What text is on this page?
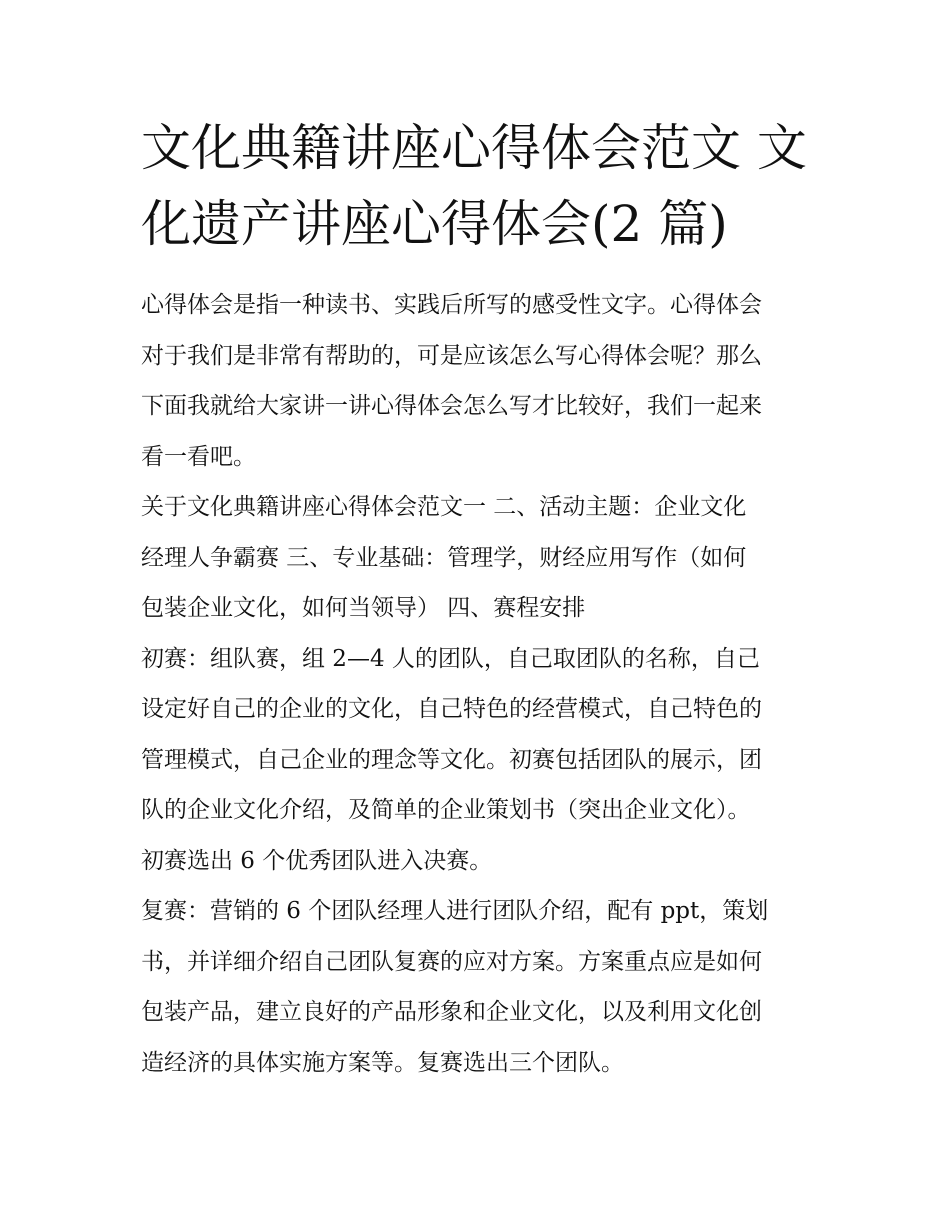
文化典籍讲座心得体会范文 文
化遗产讲座心得体会(2 篇)
心得体会是指一种读书、实践后所写的感受性文字。心得体会
对于我们是非常有帮助的，可是应该怎么写心得体会呢？那么
下面我就给大家讲一讲心得体会怎么写才比较好，我们一起来
看一看吧。
关于文化典籍讲座心得体会范文一 二、活动主题：企业文化
经理人争霸赛 三、专业基础：管理学，财经应用写作（如何
包装企业文化，如何当领导） 四、赛程安排
初赛：组队赛，组 2—4 人的团队，自己取团队的名称，自己
设定好自己的企业的文化，自己特色的经营模式，自己特色的
管理模式，自己企业的理念等文化。初赛包括团队的展示，团
队的企业文化介绍，及简单的企业策划书（突出企业文化）。
初赛选出 6 个优秀团队进入决赛。
复赛：营销的 6 个团队经理人进行团队介绍，配有 ppt，策划
书，并详细介绍自己团队复赛的应对方案。方案重点应是如何
包装产品，建立良好的产品形象和企业文化，以及利用文化创
造经济的具体实施方案等。复赛选出三个团队。
